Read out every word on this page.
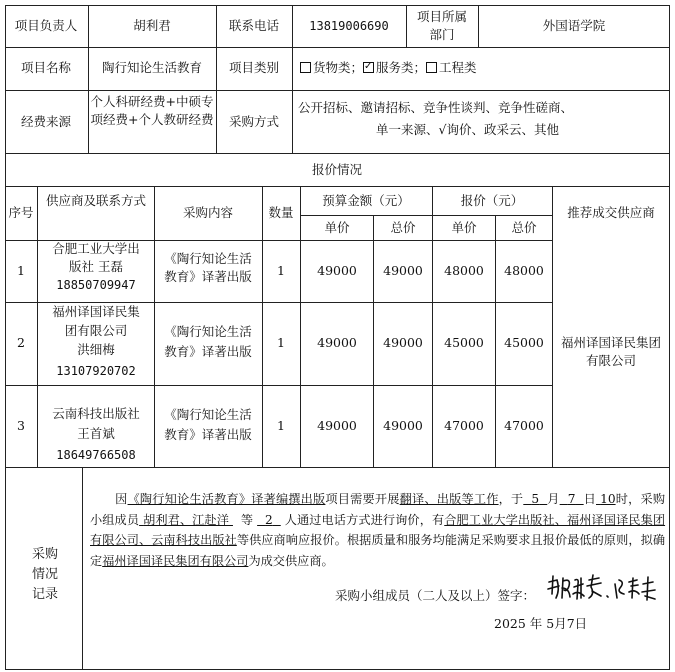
项目负责人	胡利君	联系电话	13819006690
项目所属部门
外国语学院
项目名称 陶行知论生活教育 项目类别	货物类；✓ 服务类； 工程类
经费来源
个人科研经费+中硕专项经费+个人教研经费 采购方式
公开招标、邀请招标、竞争性谈判、竞争性磋商、
单一来源、√询价、政采云、其他
报价情况
序号
供应商及联系方式
采购内容	数量
预算金额（元）	报价（元）
单价	总价	单价	总价
推荐成交供应商
1
合肥工业大学出
版社 王磊
18850709947
《陶行知论生活
教育》译著出版 1	49000 49000 48000 48000
2
福州译国译民集
团有限公司
洪细梅
13107920702
《陶行知论生活
教育》译著出版
1	49000 49000 45000 45000	福州译国译民集团有限公司
3
云南科技出版社
王首斌
18649766508
《陶行知论生活
教育》译著出版
1	49000 49000 47000 47000
采购情况记录
因《陶行知论生活教育》译著编撰出版项目需要开展翻译、出版等工作，于 5 月 7 日 10时，采购小组成员 胡利君、江赴洋 等 2 人通过电话方式进行询价，有合肥工业大学出版社、福州译国译民集团有限公司、云南科技出版社等供应商响应报价。根据质量和服务均能满足采购要求且报价最低的原则，拟确定福州译国译民集团有限公司为成交供应商。
采购小组成员（二人及以上）签字：
2025 年 5月7日
